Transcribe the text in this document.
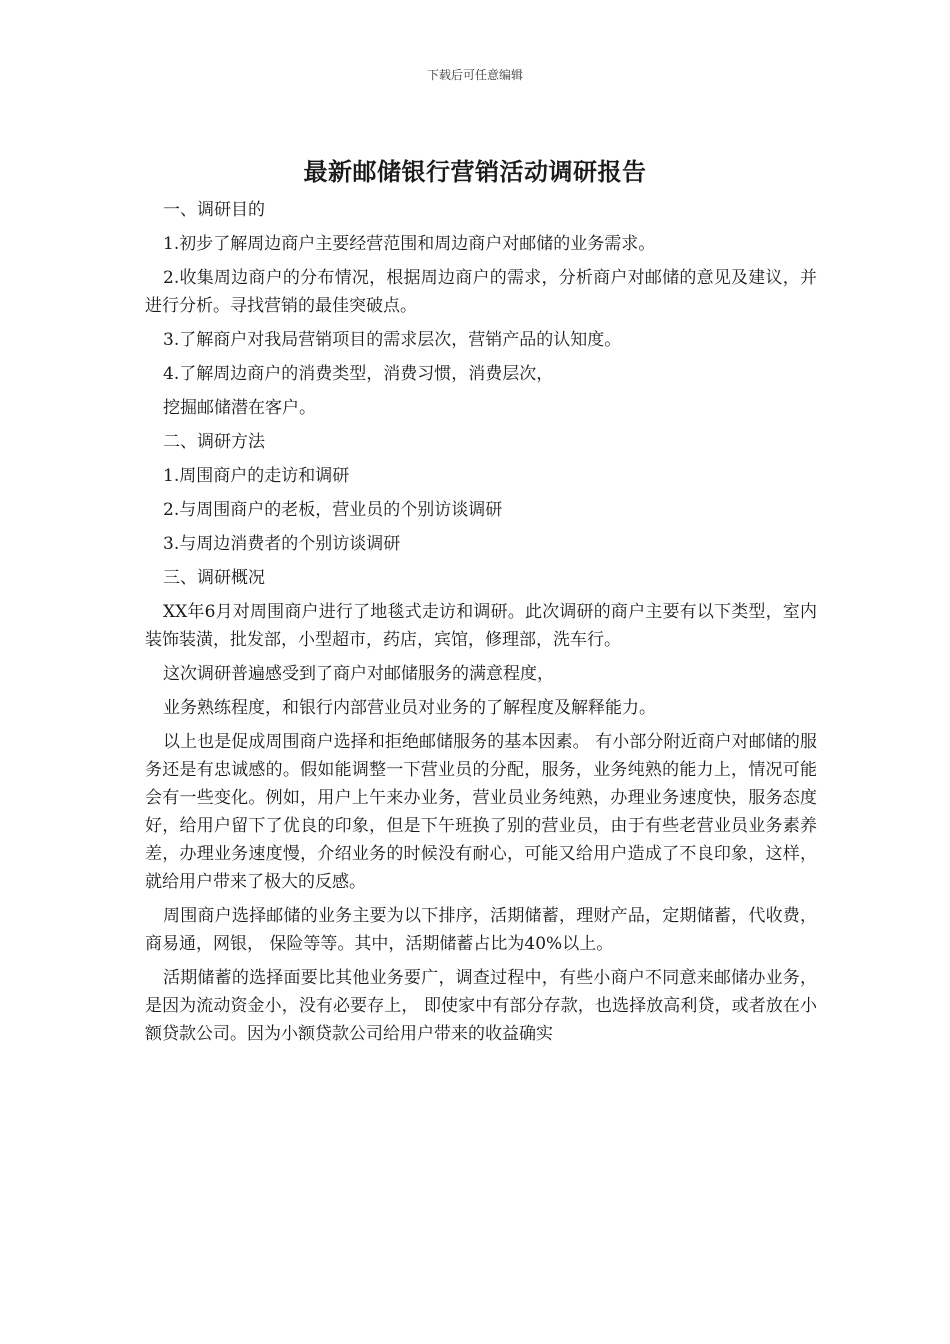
下载后可任意编辑
最新邮储银行营销活动调研报告

一、调研目的

1.初步了解周边商户主要经营范围和周边商户对邮储的业务需求。

2.收集周边商户的分布情况，根据周边商户的需求，分析商户对邮储的意见及建议，并进行分析。寻找营销的最佳突破点。

3.了解商户对我局营销项目的需求层次，营销产品的认知度。

4.了解周边商户的消费类型，消费习惯，消费层次，

挖掘邮储潜在客户。

二、调研方法

1.周围商户的走访和调研

2.与周围商户的老板，营业员的个别访谈调研

3.与周边消费者的个别访谈调研

三、调研概况

XX年6月对周围商户进行了地毯式走访和调研。此次调研的商户主要有以下类型，室内装饰装潢，批发部，小型超市，药店，宾馆，修理部，洗车行。

这次调研普遍感受到了商户对邮储服务的满意程度，

业务熟练程度，和银行内部营业员对业务的了解程度及解释能力。

以上也是促成周围商户选择和拒绝邮储服务的基本因素。 有小部分附近商户对邮储的服务还是有忠诚感的。假如能调整一下营业员的分配，服务，业务纯熟的能力上，情况可能会有一些变化。例如，用户上午来办业务，营业员业务纯熟，办理业务速度快，服务态度好，给用户留下了优良的印象，但是下午班换了别的营业员，由于有些老营业员业务素养差，办理业务速度慢，介绍业务的时候没有耐心，可能又给用户造成了不良印象，这样，就给用户带来了极大的反感。

周围商户选择邮储的业务主要为以下排序，活期储蓄，理财产品，定期储蓄，代收费，商易通，网银， 保险等等。其中，活期储蓄占比为40%以上。

活期储蓄的选择面要比其他业务要广，调查过程中，有些小商户不同意来邮储办业务，是因为流动资金小，没有必要存上， 即使家中有部分存款，也选择放高利贷，或者放在小额贷款公司。因为小额贷款公司给用户带来的收益确实
